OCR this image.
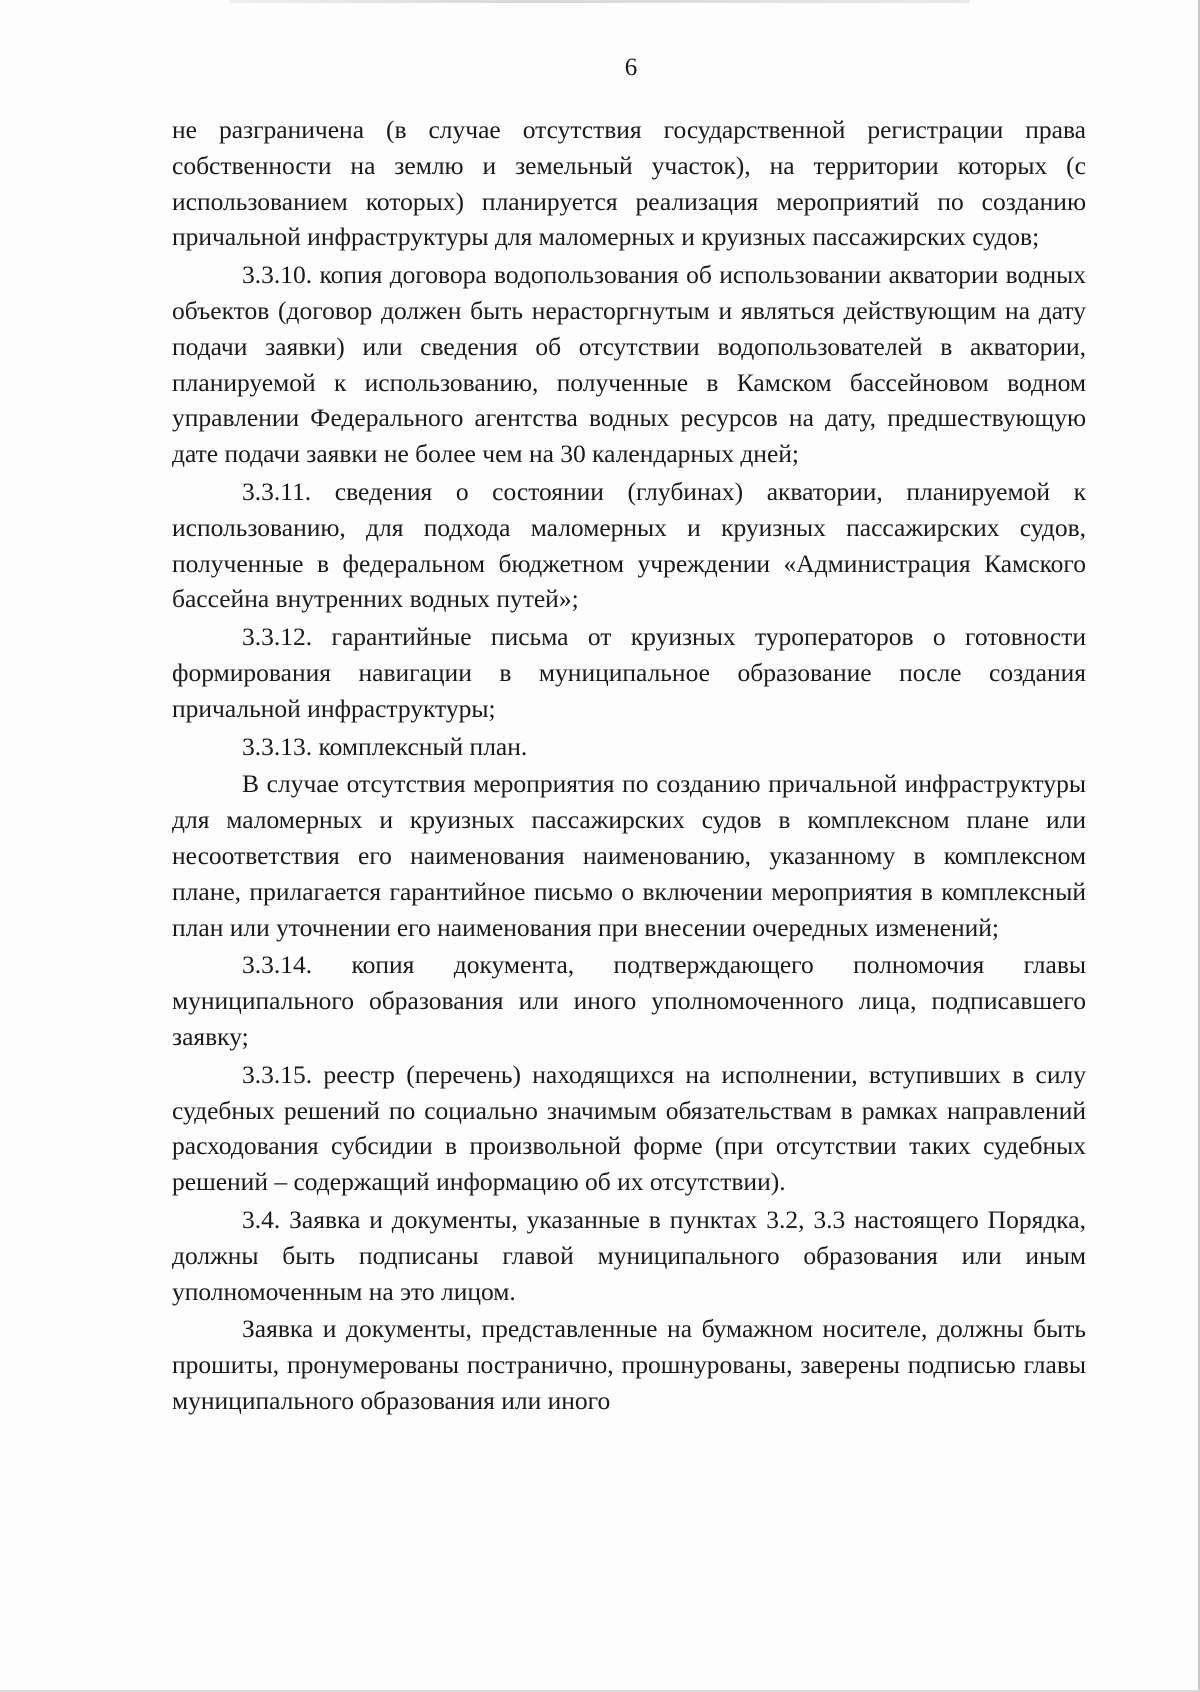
6

не разграничена (в случае отсутствия государственной регистрации права собственности на землю и земельный участок), на территории которых (с использованием которых) планируется реализация мероприятий по созданию причальной инфраструктуры для маломерных и круизных пассажирских судов;

3.3.10. копия договора водопользования об использовании акватории водных объектов (договор должен быть нерасторгнутым и являться действующим на дату подачи заявки) или сведения об отсутствии водопользователей в акватории, планируемой к использованию, полученные в Камском бассейновом водном управлении Федерального агентства водных ресурсов на дату, предшествующую дате подачи заявки не более чем на 30 календарных дней;

3.3.11. сведения о состоянии (глубинах) акватории, планируемой к использованию, для подхода маломерных и круизных пассажирских судов, полученные в федеральном бюджетном учреждении «Администрация Камского бассейна внутренних водных путей»;

3.3.12. гарантийные письма от круизных туроператоров о готовности формирования навигации в муниципальное образование после создания причальной инфраструктуры;

3.3.13. комплексный план.

В случае отсутствия мероприятия по созданию причальной инфраструктуры для маломерных и круизных пассажирских судов в комплексном плане или несоответствия его наименования наименованию, указанному в комплексном плане, прилагается гарантийное письмо о включении мероприятия в комплексный план или уточнении его наименования при внесении очередных изменений;

3.3.14. копия документа, подтверждающего полномочия главы муниципального образования или иного уполномоченного лица, подписавшего заявку;

3.3.15. реестр (перечень) находящихся на исполнении, вступивших в силу судебных решений по социально значимым обязательствам в рамках направлений расходования субсидии в произвольной форме (при отсутствии таких судебных решений – содержащий информацию об их отсутствии).

3.4. Заявка и документы, указанные в пунктах 3.2, 3.3 настоящего Порядка, должны быть подписаны главой муниципального образования или иным уполномоченным на это лицом.

Заявка и документы, представленные на бумажном носителе, должны быть прошиты, пронумерованы постранично, прошнурованы, заверены подписью главы муниципального образования или иного
